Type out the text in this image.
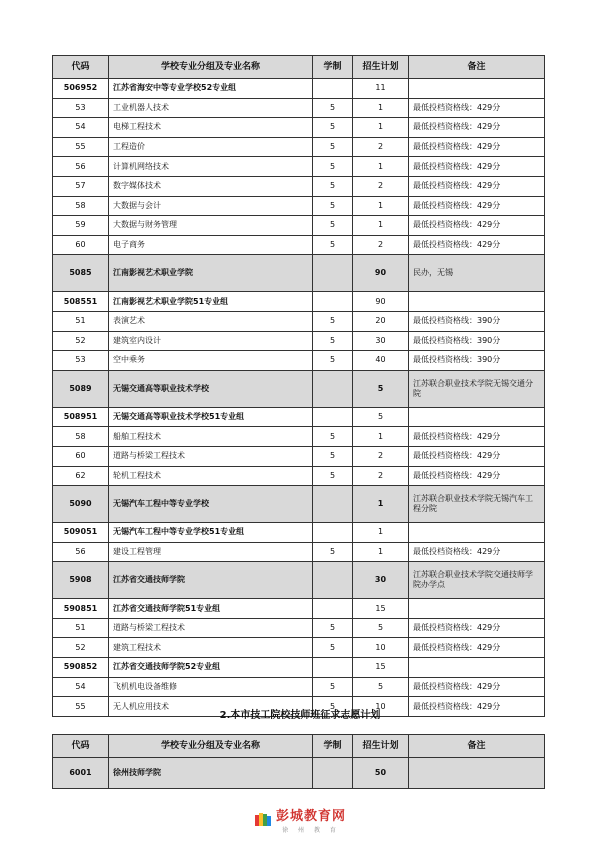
代码	学校专业分组及专业名称	学制	招生计划	备注
506952	江苏省海安中等专业学校52专业组		11	
53	工业机器人技术	5	1	最低投档资格线：429分
54	电梯工程技术	5	1	最低投档资格线：429分
55	工程造价	5	2	最低投档资格线：429分
56	计算机网络技术	5	1	最低投档资格线：429分
57	数字媒体技术	5	2	最低投档资格线：429分
58	大数据与会计	5	1	最低投档资格线：429分
59	大数据与财务管理	5	1	最低投档资格线：429分
60	电子商务	5	2	最低投档资格线：429分
5085	江南影视艺术职业学院		90	民办，无锡
508551	江南影视艺术职业学院51专业组		90	
51	表演艺术	5	20	最低投档资格线：390分
52	建筑室内设计	5	30	最低投档资格线：390分
53	空中乘务	5	40	最低投档资格线：390分
5089	无锡交通高等职业技术学校		5	江苏联合职业技术学院无锡交通分院
508951	无锡交通高等职业技术学校51专业组		5	
58	船舶工程技术	5	1	最低投档资格线：429分
60	道路与桥梁工程技术	5	2	最低投档资格线：429分
62	轮机工程技术	5	2	最低投档资格线：429分
5090	无锡汽车工程中等专业学校		1	江苏联合职业技术学院无锡汽车工程分院
509051	无锡汽车工程中等专业学校51专业组		1	
56	建设工程管理	5	1	最低投档资格线：429分
5908	江苏省交通技师学院		30	江苏联合职业技术学院交通技师学院办学点
590851	江苏省交通技师学院51专业组		15	
51	道路与桥梁工程技术	5	5	最低投档资格线：429分
52	建筑工程技术	5	10	最低投档资格线：429分
590852	江苏省交通技师学院52专业组		15	
54	飞机机电设备维修	5	5	最低投档资格线：429分
55	无人机应用技术	5	10	最低投档资格线：429分
2.本市技工院校技师班征求志愿计划
代码	学校专业分组及专业名称	学制	招生计划	备注
6001	徐州技师学院		50	
彭城教育网
徐 州 教 育
